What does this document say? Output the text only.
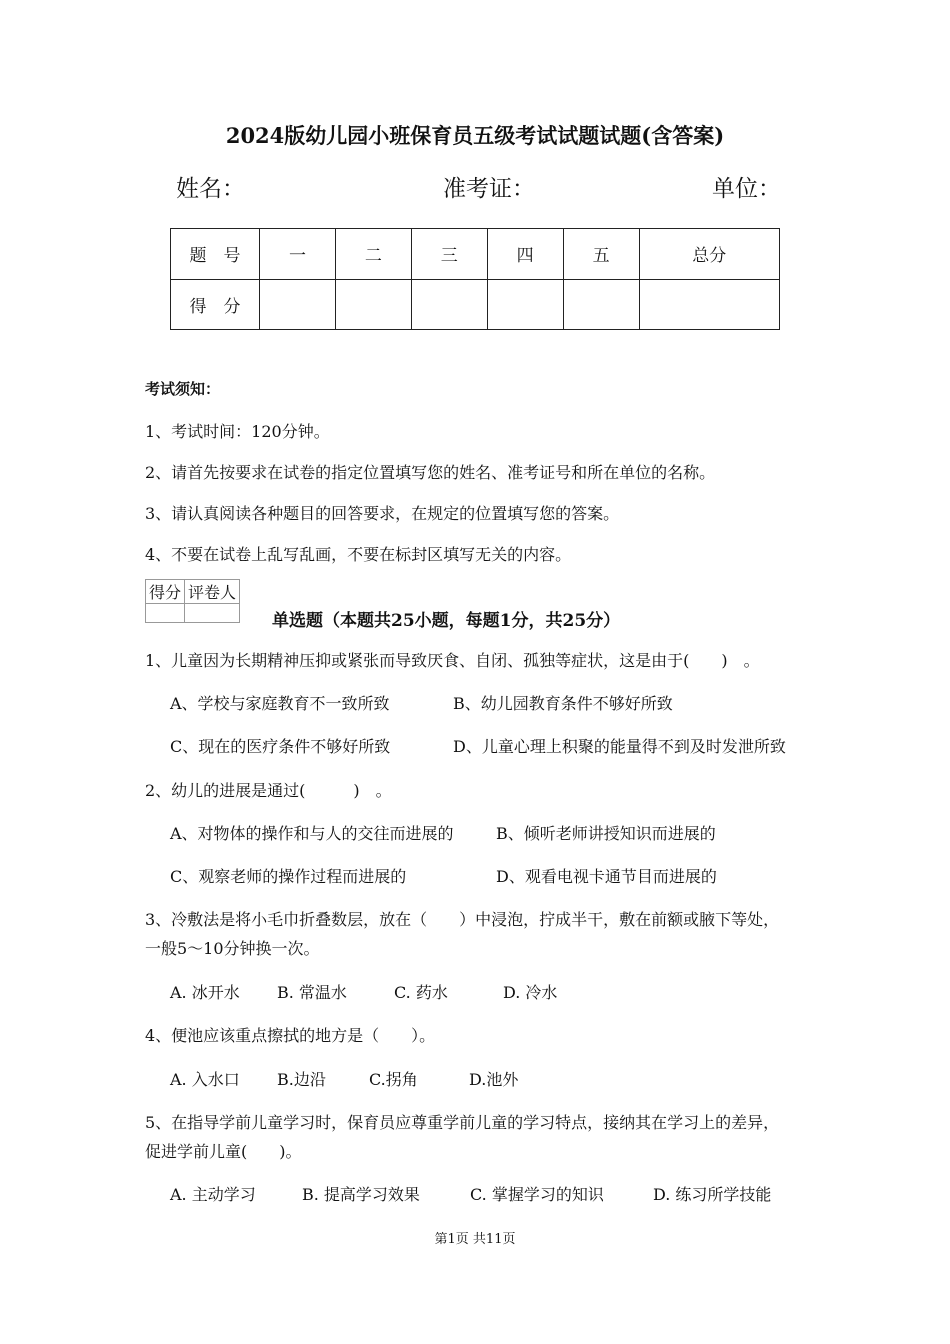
2024版幼儿园小班保育员五级考试试题试题(含答案)
姓名：	准考证：	单位：
题　号	一	二	三	四	五	总分
得　分						
考试须知：
1、考试时间：120分钟。
2、请首先按要求在试卷的指定位置填写您的姓名、准考证号和所在单位的名称。
3、请认真阅读各种题目的回答要求，在规定的位置填写您的答案。
4、不要在试卷上乱写乱画，不要在标封区填写无关的内容。
得分	评卷人

单选题（本题共25小题，每题1分，共25分）
1、儿童因为长期精神压抑或紧张而导致厌食、自闭、孤独等症状，这是由于(　　)　。
A、学校与家庭教育不一致所致	B、幼儿园教育条件不够好所致
C、现在的医疗条件不够好所致	D、儿童心理上积聚的能量得不到及时发泄所致
2、幼儿的进展是通过(　　　)　。
A、对物体的操作和与人的交往而进展的	B、倾听老师讲授知识而进展的
C、观察老师的操作过程而进展的	D、观看电视卡通节目而进展的
3、冷敷法是将小毛巾折叠数层，放在（　　）中浸泡，拧成半干，敷在前额或腋下等处，
一般5～10分钟换一次。
A. 冰开水 B. 常温水	C. 药水	D. 冷水
4、便池应该重点擦拭的地方是（　　）。
A. 入水口 B.边沿	C.拐角	D.池外
5、在指导学前儿童学习时，保育员应尊重学前儿童的学习特点，接纳其在学习上的差异，
促进学前儿童(　　)。
A. 主动学习	B. 提高学习效果	C. 掌握学习的知识	D. 练习所学技能
第1页 共11页
